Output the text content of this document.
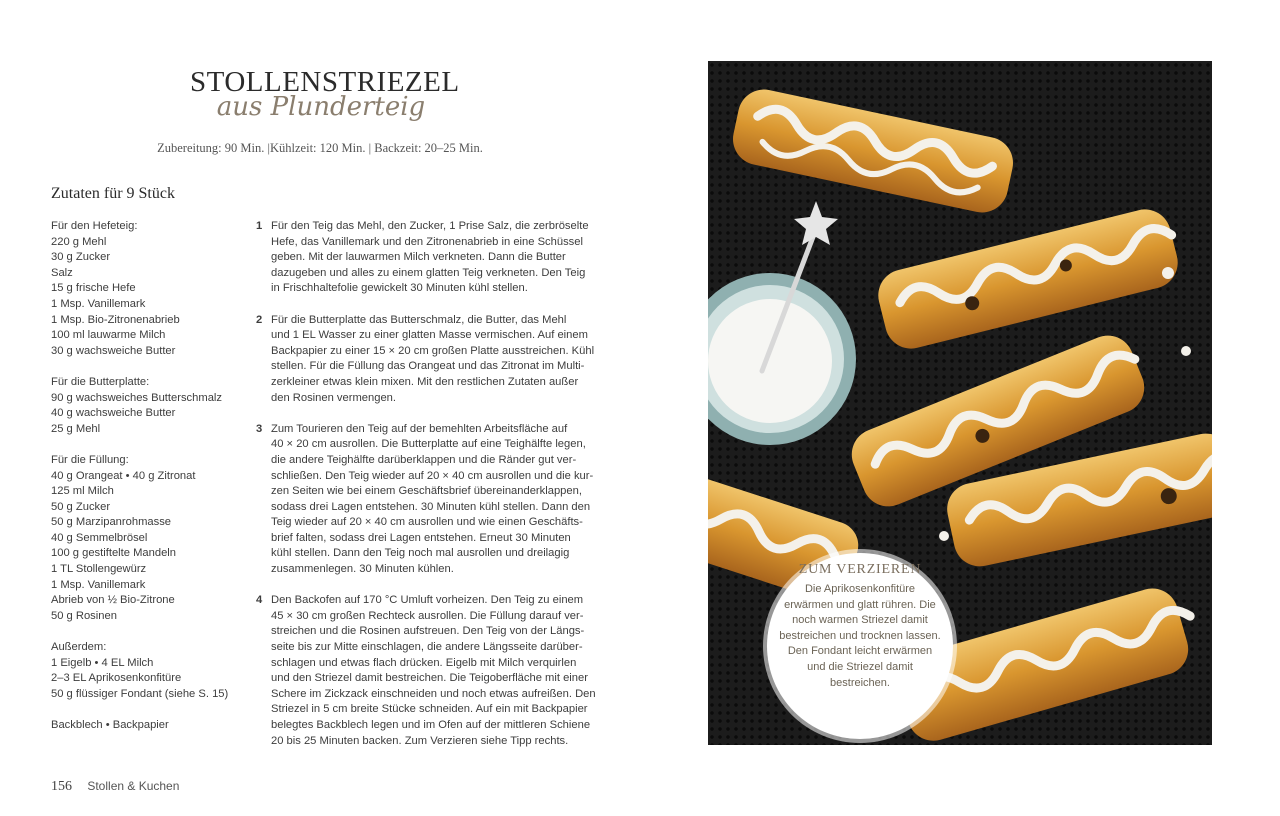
STOLLENSTRIEZEL
aus Plunderteig
Zubereitung: 90 Min. |Kühlzeit: 120 Min. | Backzeit: 20–25 Min.
Zutaten für 9 Stück
Für den Hefeteig:
220 g Mehl
30 g Zucker
Salz
15 g frische Hefe
1 Msp. Vanillemark
1 Msp. Bio-Zitronenabrieb
100 ml lauwarme Milch
30 g wachsweiche Butter
Für die Butterplatte:
90 g wachsweiches Butterschmalz
40 g wachsweiche Butter
25 g Mehl
Für die Füllung:
40 g Orangeat • 40 g Zitronat
125 ml Milch
50 g Zucker
50 g Marzipanrohmasse
40 g Semmelbrösel
100 g gestiftelte Mandeln
1 TL Stollengewürz
1 Msp. Vanillemark
Abrieb von ½ Bio-Zitrone
50 g Rosinen
Außerdem:
1 Eigelb • 4 EL Milch
2–3 EL Aprikosenkonfitüre
50 g flüssiger Fondant (siehe S. 15)
Backblech • Backpapier
1 Für den Teig das Mehl, den Zucker, 1 Prise Salz, die zerbröselte
Hefe, das Vanillemark und den Zitronenabrieb in eine Schüssel
geben. Mit der lauwarmen Milch verkneten. Dann die Butter
dazugeben und alles zu einem glatten Teig verkneten. Den Teig
in Frischhaltefolie gewickelt 30 Minuten kühl stellen.
2 Für die Butterplatte das Butterschmalz, die Butter, das Mehl
und 1 EL Wasser zu einer glatten Masse vermischen. Auf einem
Backpapier zu einer 15 × 20 cm großen Platte ausstreichen. Kühl
stellen. Für die Füllung das Orangeat und das Zitronat im Multi-
zerkleiner etwas klein mixen. Mit den restlichen Zutaten außer
den Rosinen vermengen.
3 Zum Tourieren den Teig auf der bemehlten Arbeitsfläche auf
40 × 20 cm ausrollen. Die Butterplatte auf eine Teighälfte legen,
die andere Teighälfte darüberklappen und die Ränder gut ver-
schließen. Den Teig wieder auf 20 × 40 cm ausrollen und die kur-
zen Seiten wie bei einem Geschäftsbrief übereinanderklappen,
sodass drei Lagen entstehen. 30 Minuten kühl stellen. Dann den
Teig wieder auf 20 × 40 cm ausrollen und wie einen Geschäfts-
brief falten, sodass drei Lagen entstehen. Erneut 30 Minuten
kühl stellen. Dann den Teig noch mal ausrollen und dreilagig
zusammenlegen. 30 Minuten kühlen.
4 Den Backofen auf 170 °C Umluft vorheizen. Den Teig zu einem
45 × 30 cm großen Rechteck ausrollen. Die Füllung darauf ver-
streichen und die Rosinen aufstreuen. Den Teig von der Längs-
seite bis zur Mitte einschlagen, die andere Längsseite darüber-
schlagen und etwas flach drücken. Eigelb mit Milch verquirlen
und den Striezel damit bestreichen. Die Teigoberfläche mit einer
Schere im Zickzack einschneiden und noch etwas aufreißen. Den
Striezel in 5 cm breite Stücke schneiden. Auf ein mit Backpapier
belegtes Backblech legen und im Ofen auf der mittleren Schiene
20 bis 25 Minuten backen. Zum Verzieren siehe Tipp rechts.
156 Stollen & Kuchen
ZUM VERZIEREN
Die Aprikosenkonfitüre
erwärmen und glatt rühren. Die
noch warmen Striezel damit
bestreichen und trocknen lassen.
Den Fondant leicht erwärmen
und die Striezel damit
bestreichen.
